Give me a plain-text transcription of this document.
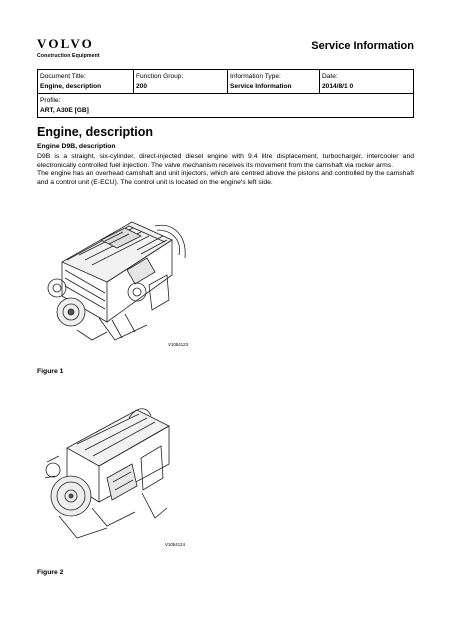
VOLVO
Construction Equipment
Service Information
Document Title:
Engine, description
Function Group:
200
Information Type:
Service Information
Date:
2014/8/1 0
Profile:
ART, A30E [GB]
Engine, description
Engine D9B, description

D9B is a straight, six-cylinder, direct-injected diesel engine with 9.4 litre displacement, turbocharger, intercooler and electronically controlled fuel injection. The valve mechanism receives its movement from the camshaft via rocker arms.

The engine has an overhead camshaft and unit injectors, which are centred above the pistons and controlled by the camshaft and a control unit (E-ECU). The control unit is located on the engine's left side.

V1054123
Figure 1
V1054124
Figure 2
